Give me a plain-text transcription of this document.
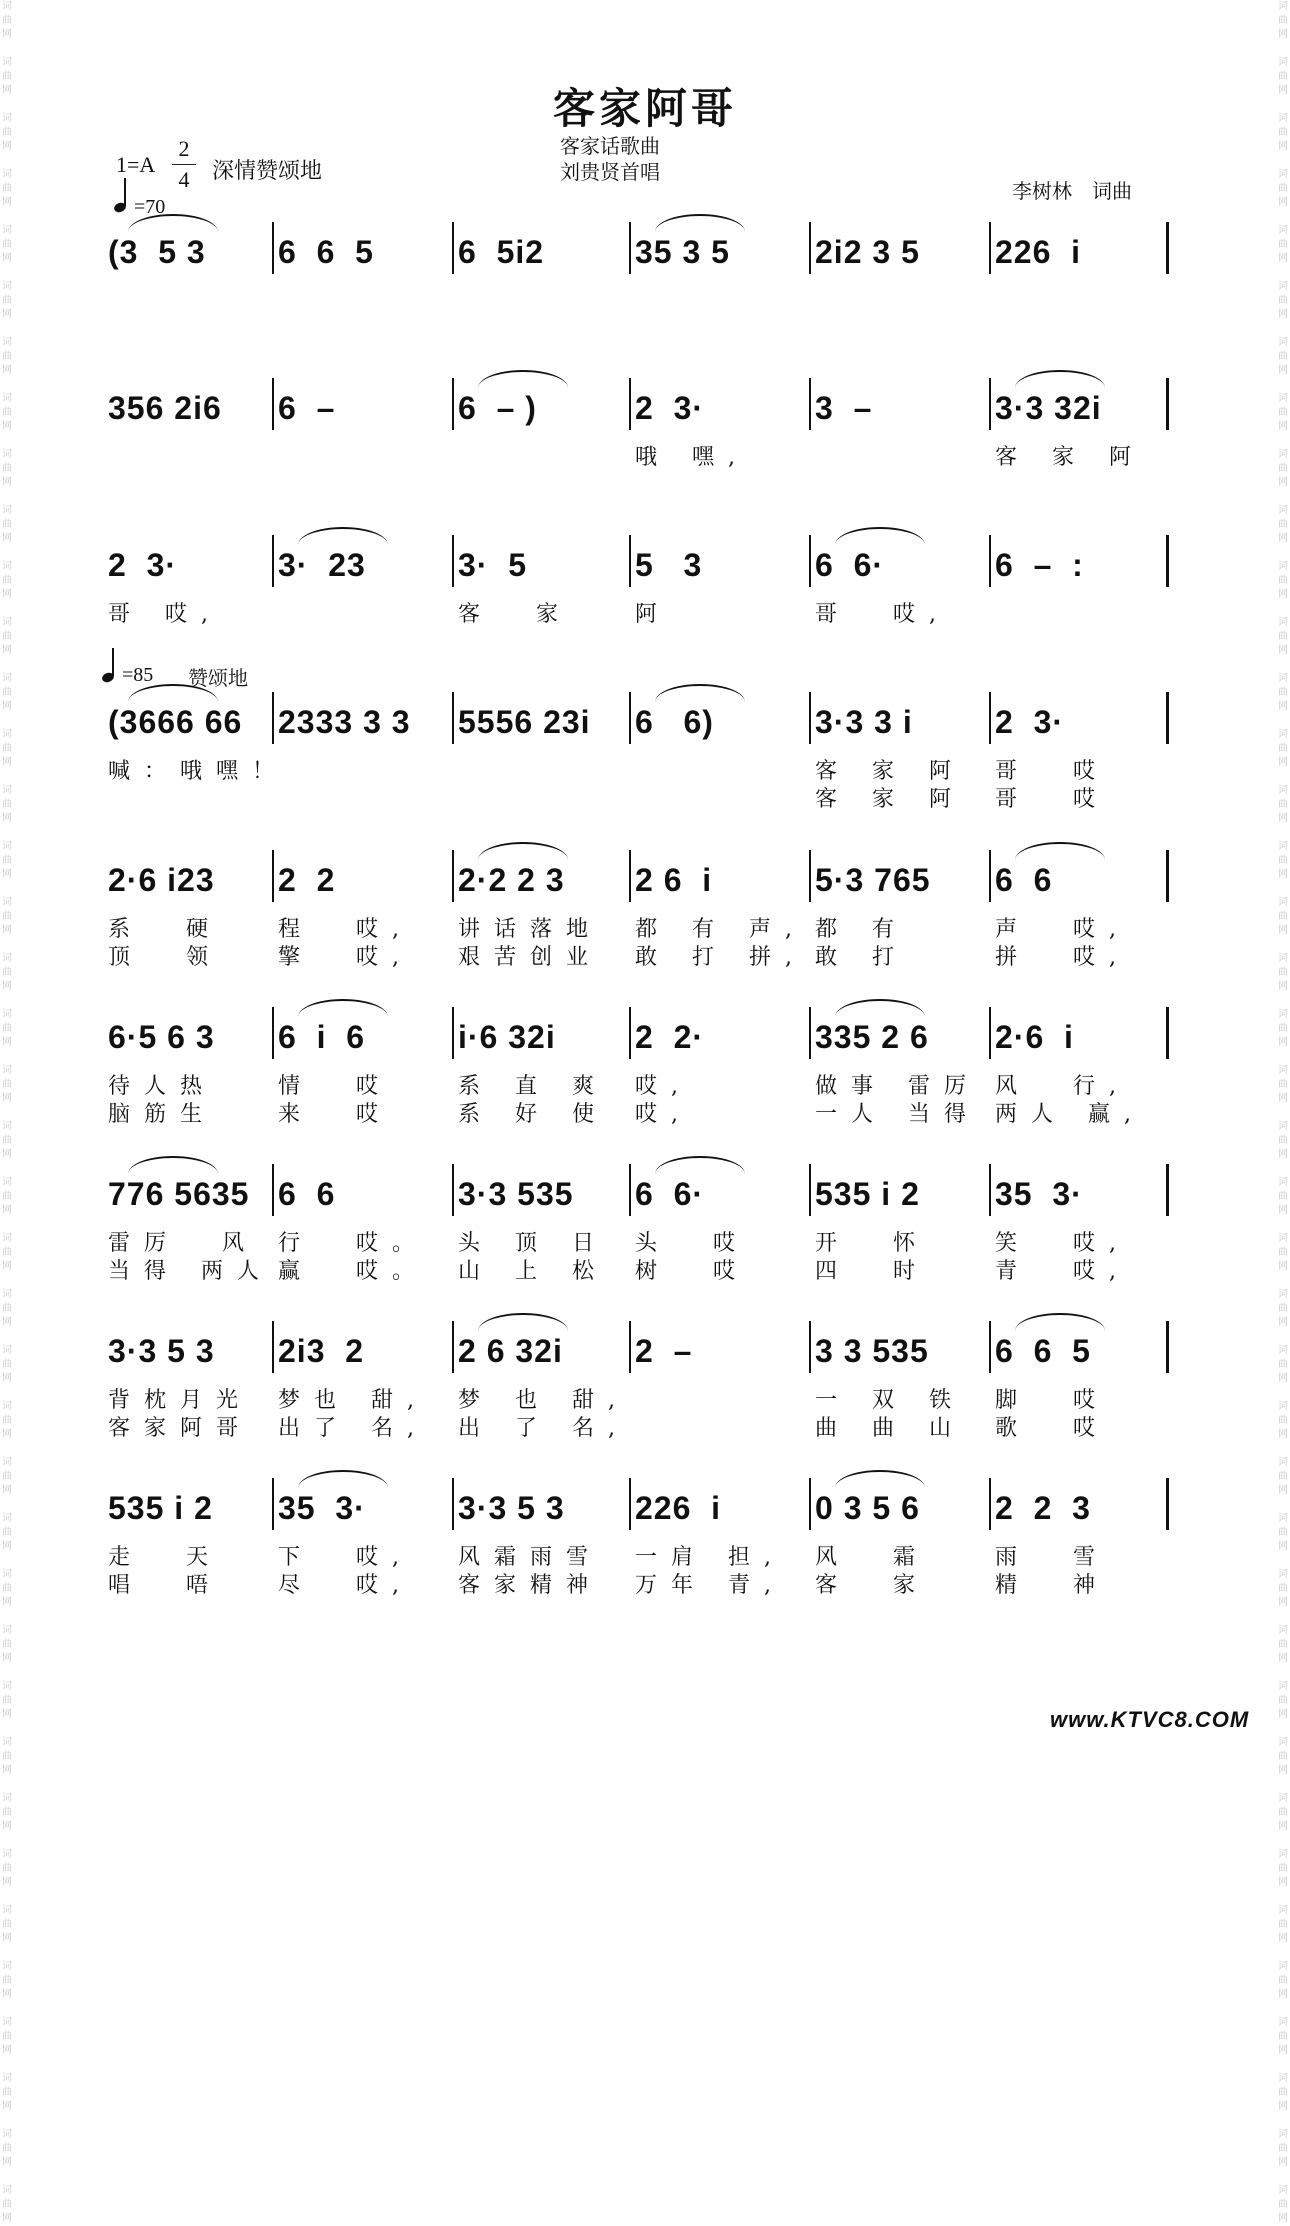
词
曲
网

词
曲
网

词
曲
网

词
曲
网

词
曲
网

词
曲
网

词
曲
网

词
曲
网

词
曲
网

词
曲
网

词
曲
网

词
曲
网

词
曲
网

词
曲
网

词
曲
网

词
曲
网

词
曲
网

词
曲
网

词
曲
网

词
曲
网

词
曲
网

词
曲
网

词
曲
网

词
曲
网

词
曲
网

词
曲
网

词
曲
网

词
曲
网

词
曲
网

词
曲
网

词
曲
网

词
曲
网

词
曲
网

词
曲
网

词
曲
网

词
曲
网

词
曲
网

词
曲
网

词
曲
网

词
曲
网

词
曲
网

词
曲
网

词
曲
网

词
曲
网

词
曲
网

词
曲
网

词
曲
网

词
曲
网

词
曲
网

词
曲
网

词
曲
网

词
曲
网

词
曲
网

词
曲
网

词
曲
网

词
曲
网

词
曲
网

词
曲
网

词
曲
网

词
曲
网

词
曲
网

词
曲
网

词
曲
网

词
曲
网

词
曲
网

词
曲
网

词
曲
网

词
曲
网

词
曲
网

词
曲
网

词
曲
网

词
曲
网

词
曲
网

词
曲
网

词
曲
网

词
曲
网

词
曲
网

词
曲
网

词
曲
网

词
曲
网

客家阿哥
客家话歌曲
刘贵贤首唱
1=A
2
4	深情赞颂地
=70
李树林　词曲
=85 赞颂地
(3  5 3 6  6  5	6  5i2	35 3 5	2i2 3 5 226  i
356 2i6 6  –	6  – )	2  3·	3  –	3·3 32i
哦 嘿,	客 家 阿
2  3·	3·  23	3·  5	5   3	6  6·	6  –  :
哥 哎,	客  家	阿	哥  哎,
(3666 66 2333 3 3 5556 23i 6   6)	3·3 3 i	2  3·
喊：哦嘿！	客 家 阿 哥  哎
客 家 阿 哥  哎
2·6 i23 2  2	2·2 2 3 2 6  i	5·3 765 6  6
系  硬	程  哎, 讲话落地 都 有 声, 都 有	声  哎,
顶  领	擎  哎, 艰苦创业 敢 打 拼, 敢 打	拼  哎,
6·5 6 3 6  i  6	i·6 32i 2  2·	335 2 6 2·6  i
待人热	情  哎	系 直 爽 哎,	做事 雷厉 风  行,
脑筋生	来  哎	系 好 使 哎,	一人 当得 两人 赢,
776 5635 6  6	3·3 535 6  6·	535 i 2 35  3·
雷厉  风 行  哎。 头 顶 日 头  哎	开  怀	笑  哎,
当得 两人 赢  哎。 山 上 松 树  哎	四  时	青  哎,
3·3 5 3 2i3  2	2 6 32i 2  –	3 3 535 6  6  5
背枕月光 梦也 甜, 梦 也 甜,	一 双 铁 脚  哎
客家阿哥 出了 名, 出 了 名,	曲 曲 山 歌  哎
535 i 2 35  3·	3·3 5 3 226  i	0 3 5 6 2  2  3
走  天	下  哎, 风霜雨雪 一肩 担, 风  霜	雨  雪
唱  唔	尽  哎, 客家精神 万年 青, 客  家	精  神
www.KTVC8.COM
